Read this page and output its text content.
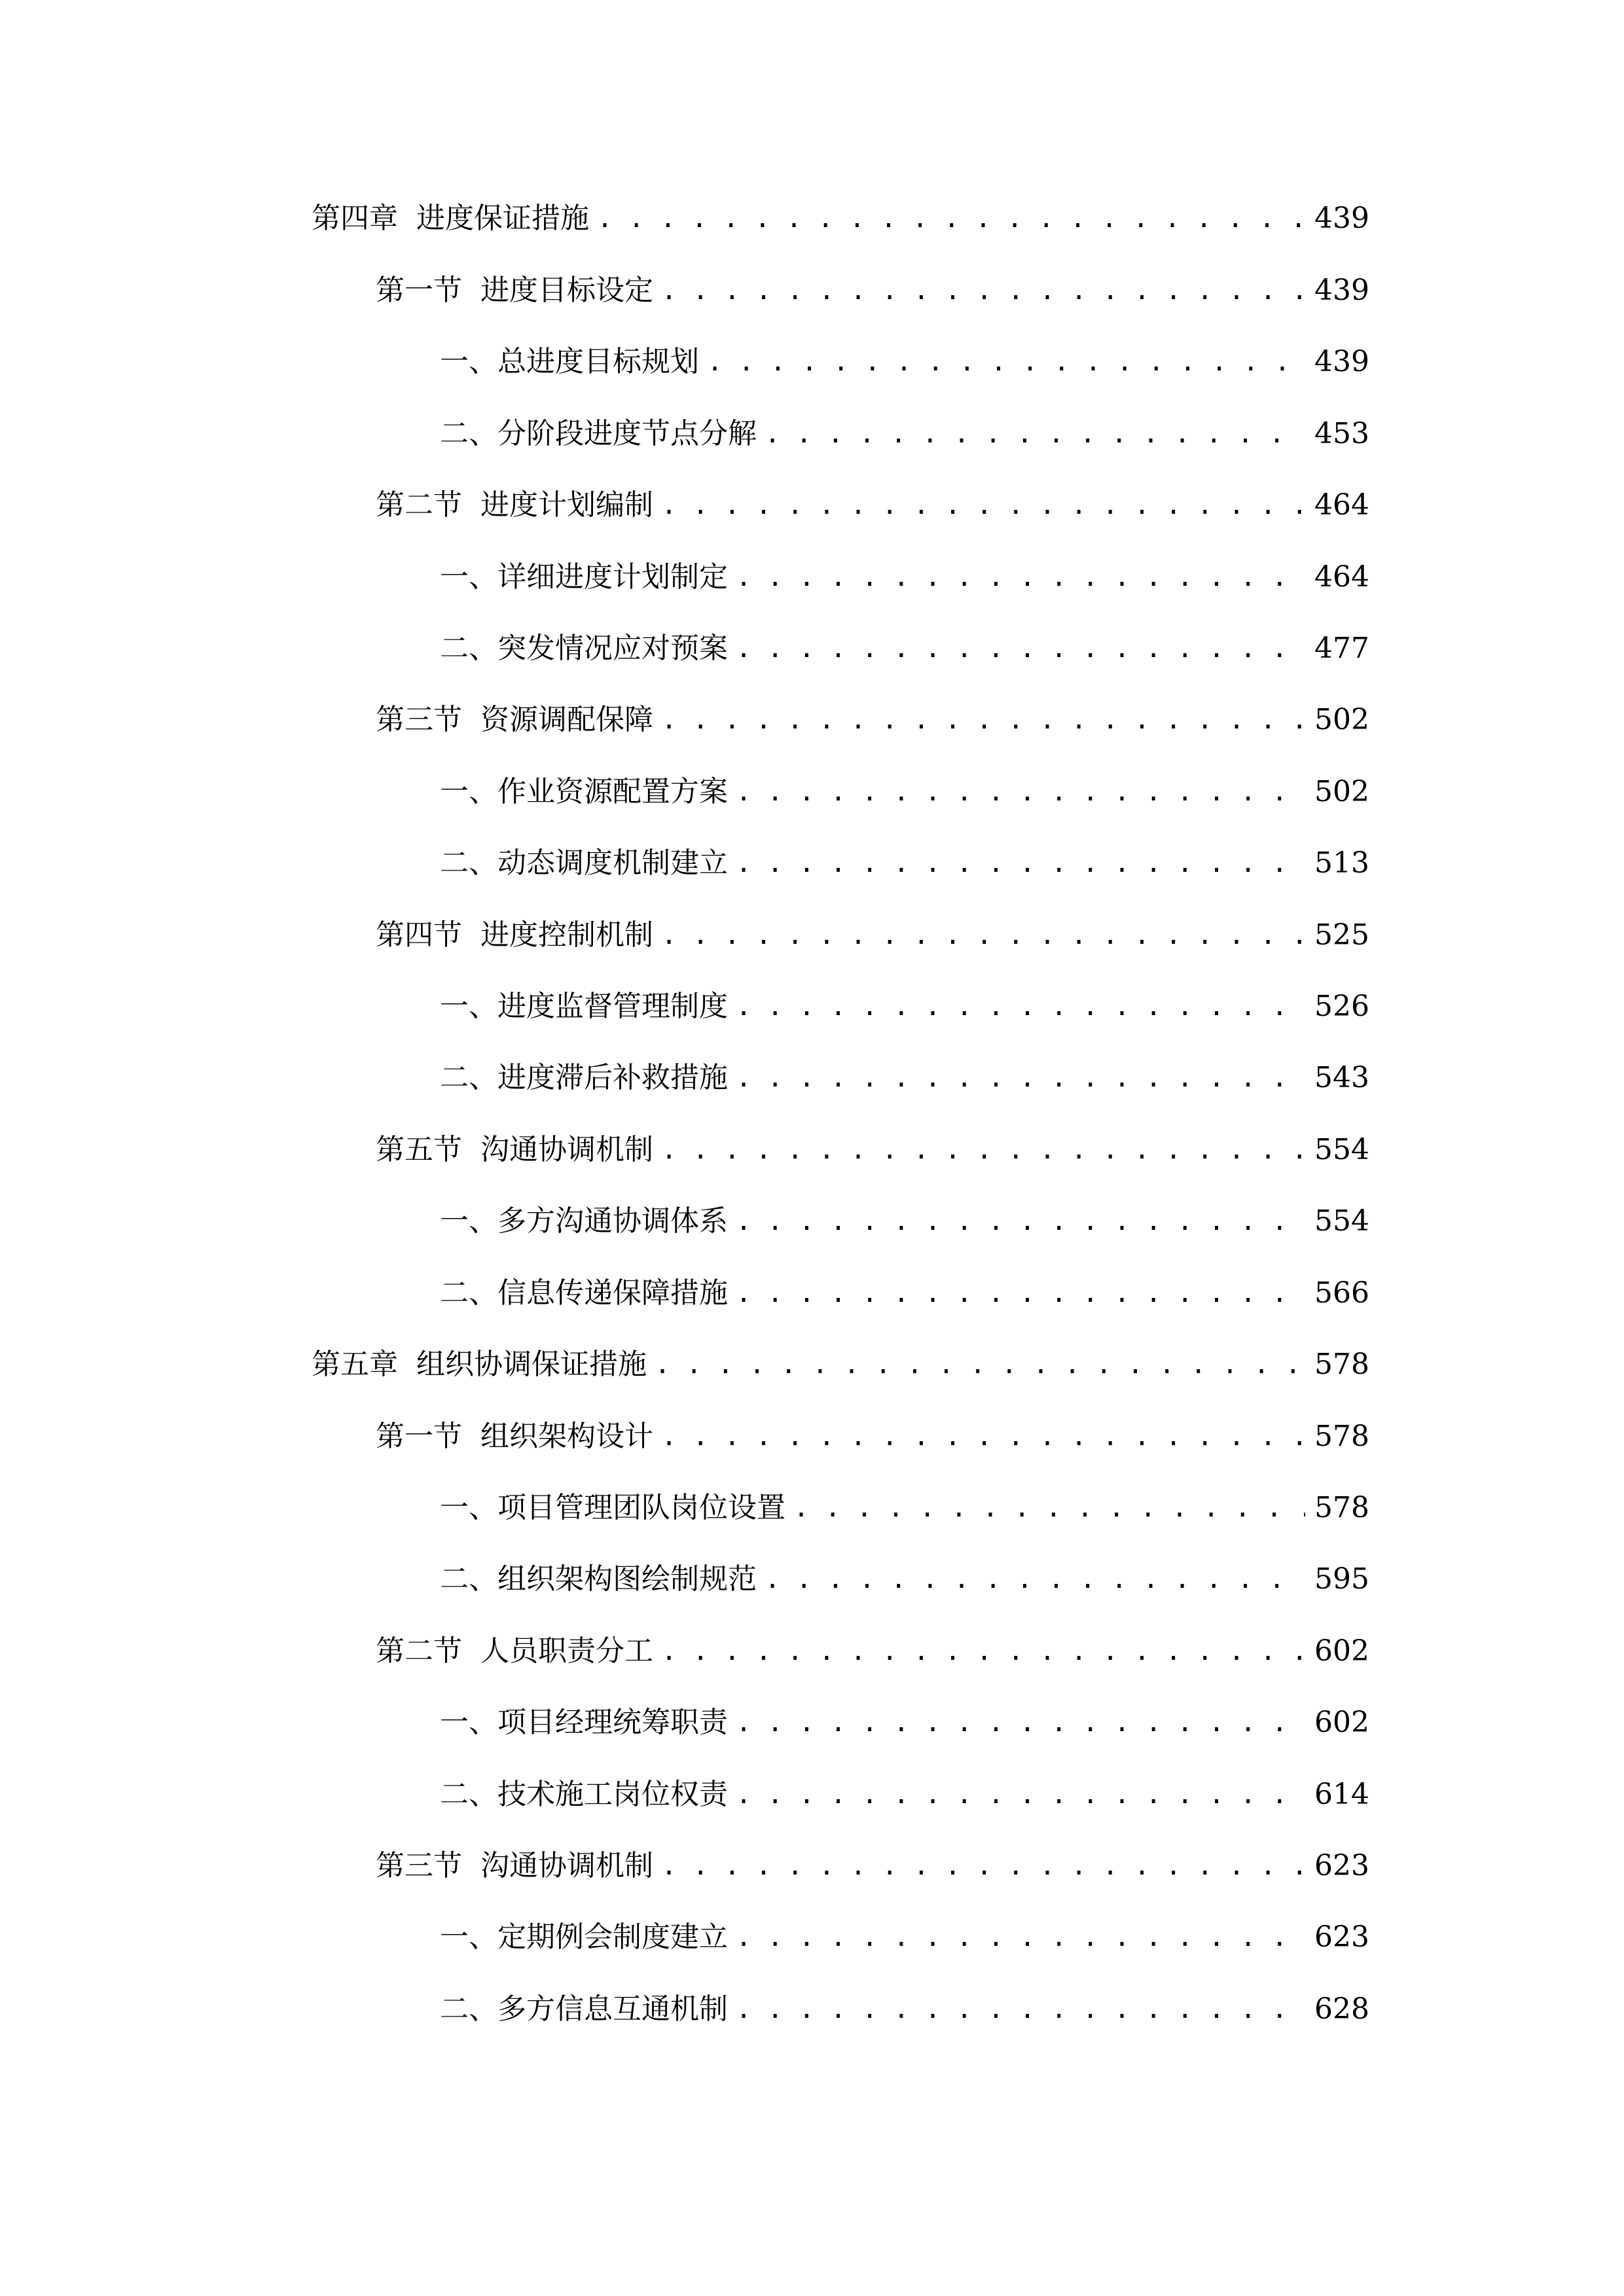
第四章 进度保证措施 . . .	439
第一节 进度目标设定 . . .	439
一、 总进度目标规划 . . .	439
二、 分阶段进度节点分解 . . .	453
第二节 进度计划编制 . . .	464
一、 详细进度计划制定 . . .	464
二、 突发情况应对预案 . . .	477
第三节 资源调配保障 . . .	502
一、 作业资源配置方案 . . .	502
二、 动态调度机制建立 . . .	513
第四节 进度控制机制 . . .	525
一、 进度监督管理制度 . . .	526
二、 进度滞后补救措施 . . .	543
第五节 沟通协调机制 . . .	554
一、 多方沟通协调体系 . . .	554
二、 信息传递保障措施 . . .	566
第五章 组织协调保证措施 . . .	578
第一节 组织架构设计 . . .	578
一、 项目管理团队岗位设置 . . .	578
二、 组织架构图绘制规范 . . .	595
第二节 人员职责分工 . . .	602
一、 项目经理统筹职责 . . .	602
二、 技术施工岗位权责 . . .	614
第三节 沟通协调机制 . . .	623
一、 定期例会制度建立 . . .	623
二、 多方信息互通机制 . . .	628
